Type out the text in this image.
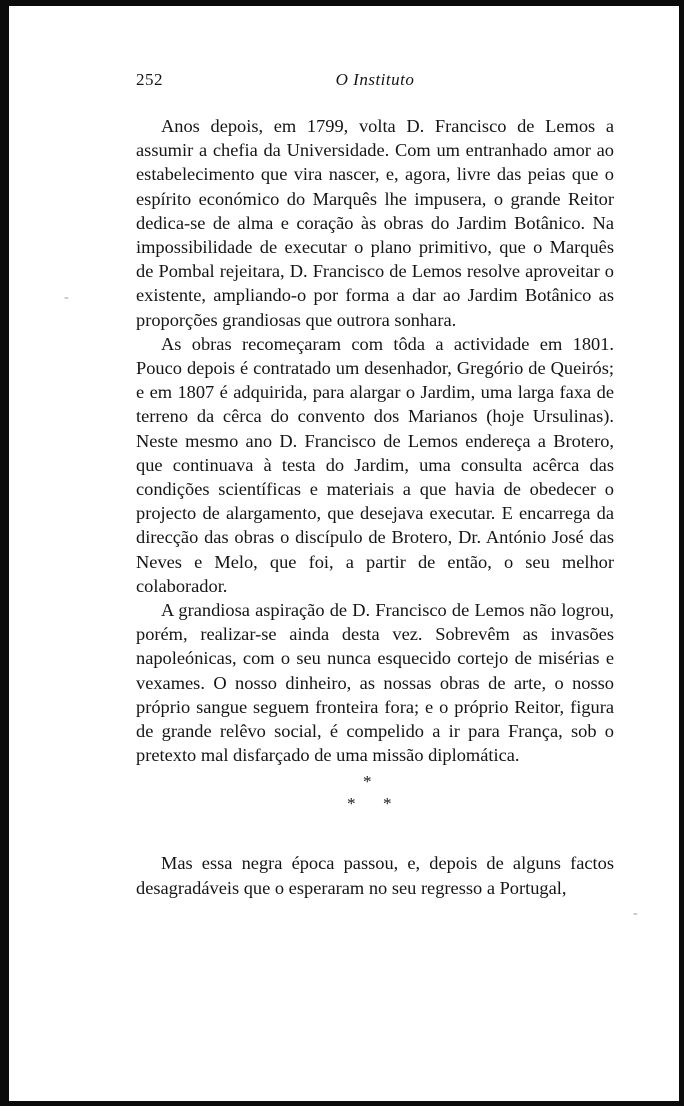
-
-
252	O Instituto

Anos depois, em 1799, volta D. Francisco de Lemos a assumir a chefia da Universidade. Com um entranhado amor ao estabelecimento que vira nascer, e, agora, livre das peias que o espírito económico do Marquês lhe impusera, o grande Reitor dedica-se de alma e coração às obras do Jardim Botânico. Na impossibilidade de executar o plano primitivo, que o Marquês de Pombal rejeitara, D. Francisco de Lemos resolve aproveitar o existente, ampliando-o por forma a dar ao Jardim Botânico as proporções grandiosas que outrora sonhara.

As obras recomeçaram com tôda a actividade em 1801. Pouco depois é contratado um desenhador, Gregório de Queirós; e em 1807 é adquirida, para alargar o Jardim, uma larga faxa de terreno da cêrca do convento dos Marianos (hoje Ursulinas). Neste mesmo ano D. Francisco de Lemos endereça a Brotero, que continuava à testa do Jardim, uma consulta acêrca das condições scientíficas e materiais a que havia de obedecer o projecto de alargamento, que desejava executar. E encarrega da direcção das obras o discípulo de Brotero, Dr. António José das Neves e Melo, que foi, a partir de então, o seu melhor colaborador.

A grandiosa aspiração de D. Francisco de Lemos não logrou, porém, realizar-se ainda desta vez. Sobrevêm as invasões napoleónicas, com o seu nunca esquecido cortejo de misérias e vexames. O nosso dinheiro, as nossas obras de arte, o nosso próprio sangue seguem fronteira fora; e o próprio Reitor, figura de grande relêvo social, é compelido a ir para França, sob o pretexto mal disfarçado de uma missão diplomática.

*
* *

Mas essa negra época passou, e, depois de alguns factos desagradáveis que o esperaram no seu regresso a Portugal,
